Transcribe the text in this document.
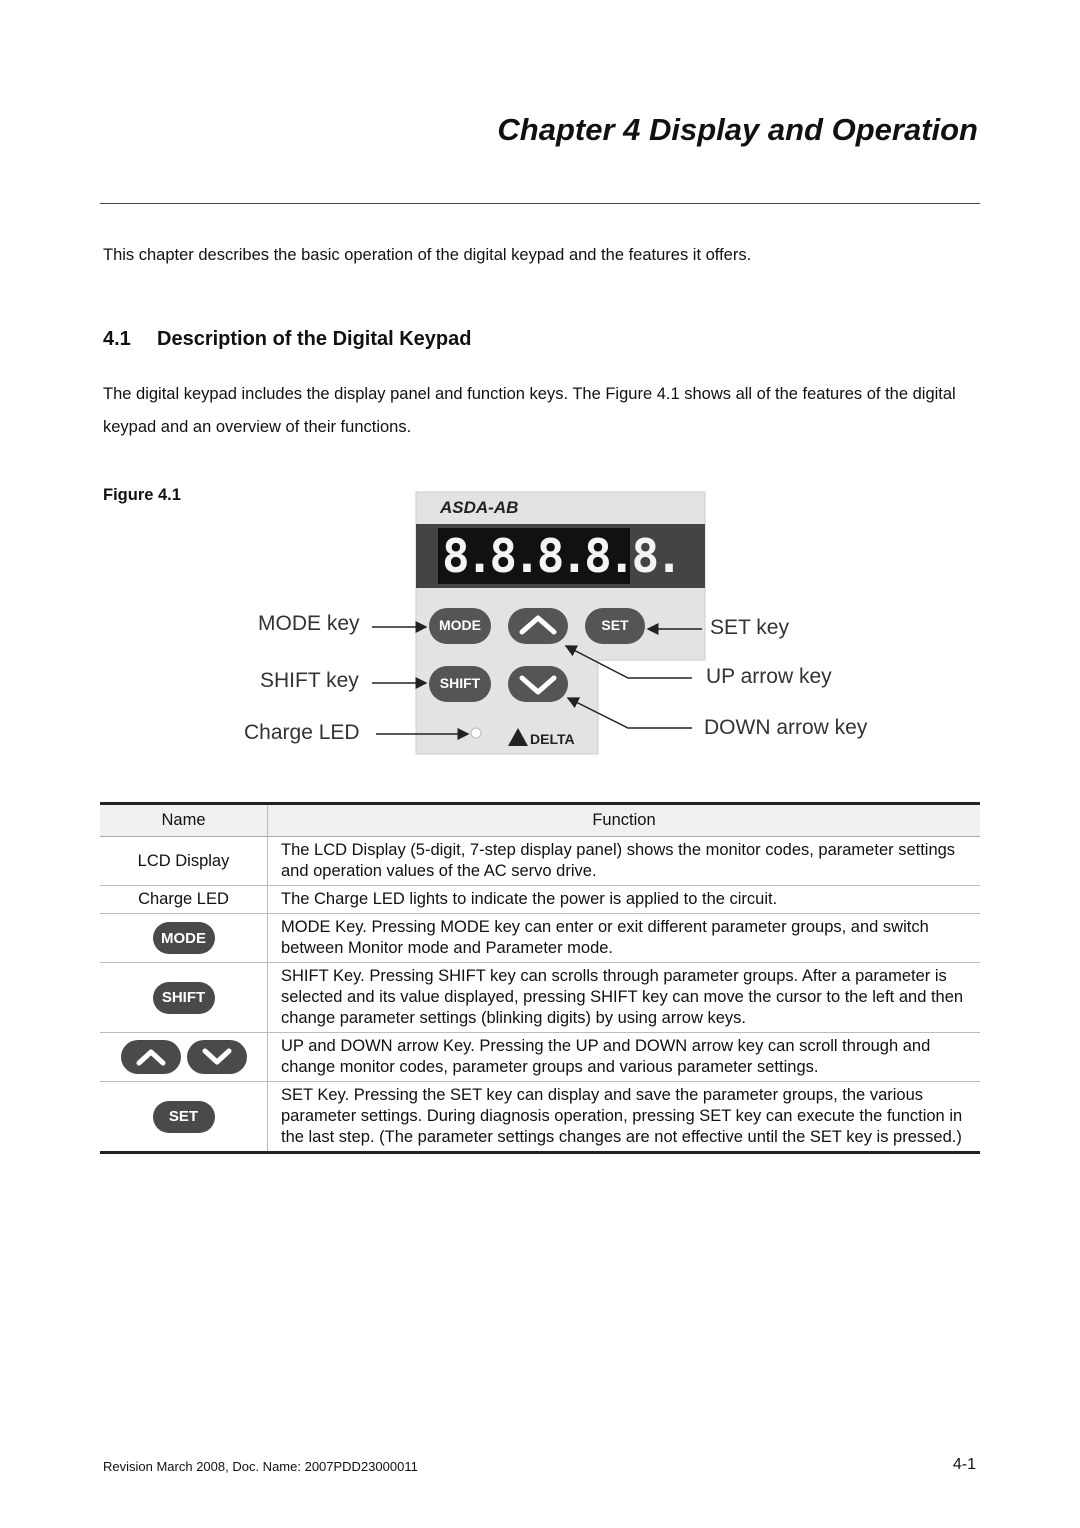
Chapter 4 Display and Operation
This chapter describes the basic operation of the digital keypad and the features it offers.
4.1 Description of the Digital Keypad
The digital keypad includes the display panel and function keys. The Figure 4.1 shows all of the features of the digital keypad and an overview of their functions.
Figure 4.1
ASDA-AB
8.8.8.8.8.
MODE	SET
SHIFT
DELTA
MODE key
SHIFT key
Charge LED
SET key
UP arrow key
DOWN arrow key
Name	Function
LCD Display	The LCD Display (5-digit, 7-step display panel) shows the monitor codes, parameter settings and operation values of the AC servo drive.
Charge LED	The Charge LED lights to indicate the power is applied to the circuit.
MODE	MODE Key. Pressing MODE key can enter or exit different parameter groups, and switch between Monitor mode and Parameter mode.
SHIFT	SHIFT Key. Pressing SHIFT key can scrolls through parameter groups. After a parameter is selected and its value displayed, pressing SHIFT key can move the cursor to the left and then change parameter settings (blinking digits) by using arrow keys.

	UP and DOWN arrow Key. Pressing the UP and DOWN arrow key can scroll through and change monitor codes, parameter groups and various parameter settings.
SET	SET Key. Pressing the SET key can display and save the parameter groups, the various parameter settings. During diagnosis operation, pressing SET key can execute the function in the last step. (The parameter settings changes are not effective until the SET key is pressed.)
Revision March 2008, Doc. Name: 2007PDD23000011	4-1
